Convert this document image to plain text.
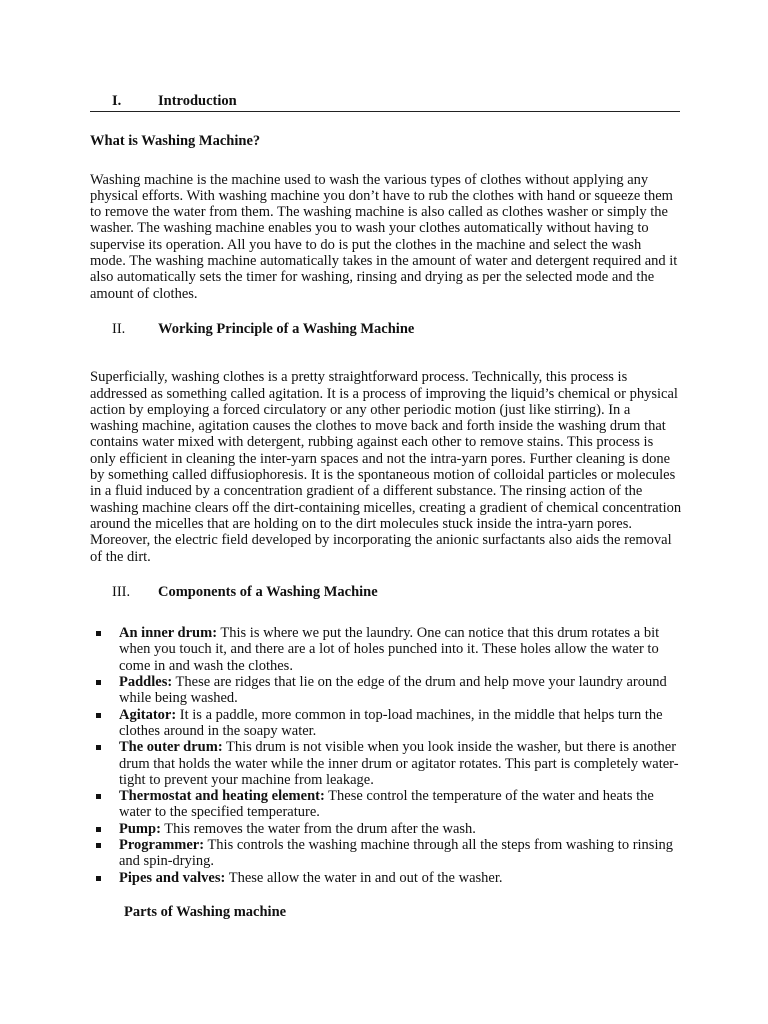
I.	Introduction
What is Washing Machine?

Washing machine is the machine used to wash the various types of clothes without applying any physical efforts. With washing machine you don’t have to rub the clothes with hand or squeeze them to remove the water from them. The washing machine is also called as clothes washer or simply the washer. The washing machine enables you to wash your clothes automatically without having to supervise its operation. All you have to do is put the clothes in the machine and select the wash mode. The washing machine automatically takes in the amount of water and detergent required and it also automatically sets the timer for washing, rinsing and drying as per the selected mode and the amount of clothes.

II.	Working Principle of a Washing Machine

Superficially, washing clothes is a pretty straightforward process. Technically, this process is addressed as something called agitation. It is a process of improving the liquid’s chemical or physical action by employing a forced circulatory or any other periodic motion (just like stirring). In a washing machine, agitation causes the clothes to move back and forth inside the washing drum that contains water mixed with detergent, rubbing against each other to remove stains. This process is only efficient in cleaning the inter-yarn spaces and not the intra-yarn pores. Further cleaning is done by something called diffusiophoresis. It is the spontaneous motion of colloidal particles or molecules in a fluid induced by a concentration gradient of a different substance. The rinsing action of the washing machine clears off the dirt-containing micelles, creating a gradient of chemical concentration around the micelles that are holding on to the dirt molecules stuck inside the intra-yarn pores. Moreover, the electric field developed by incorporating the anionic surfactants also aids the removal of the dirt.

III.	Components of a Washing Machine
An inner drum: This is where we put the laundry. One can notice that this drum rotates a bit when you touch it, and there are a lot of holes punched into it. These holes allow the water to come in and wash the clothes.
Paddles: These are ridges that lie on the edge of the drum and help move your laundry around while being washed.
Agitator: It is a paddle, more common in top-load machines, in the middle that helps turn the clothes around in the soapy water.
The outer drum: This drum is not visible when you look inside the washer, but there is another drum that holds the water while the inner drum or agitator rotates. This part is completely water-tight to prevent your machine from leakage.
Thermostat and heating element: These control the temperature of the water and heats the water to the specified temperature.
Pump: This removes the water from the drum after the wash.
Programmer: This controls the washing machine through all the steps from washing to rinsing and spin-drying.
Pipes and valves: These allow the water in and out of the washer.
Parts of Washing machine
